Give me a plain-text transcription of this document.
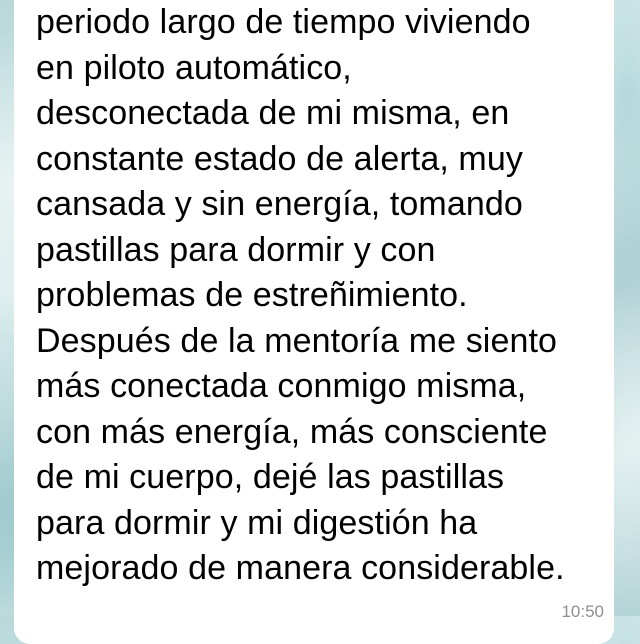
periodo largo de tiempo viviendo
en piloto automático,
desconectada de mi misma, en
constante estado de alerta, muy
cansada y sin energía, tomando
pastillas para dormir y con
problemas de estreñimiento.
Después de la mentoría me siento
más conectada conmigo misma,
con más energía, más consciente
de mi cuerpo, dejé las pastillas
para dormir y mi digestión ha
mejorado de manera considerable.

10:50
